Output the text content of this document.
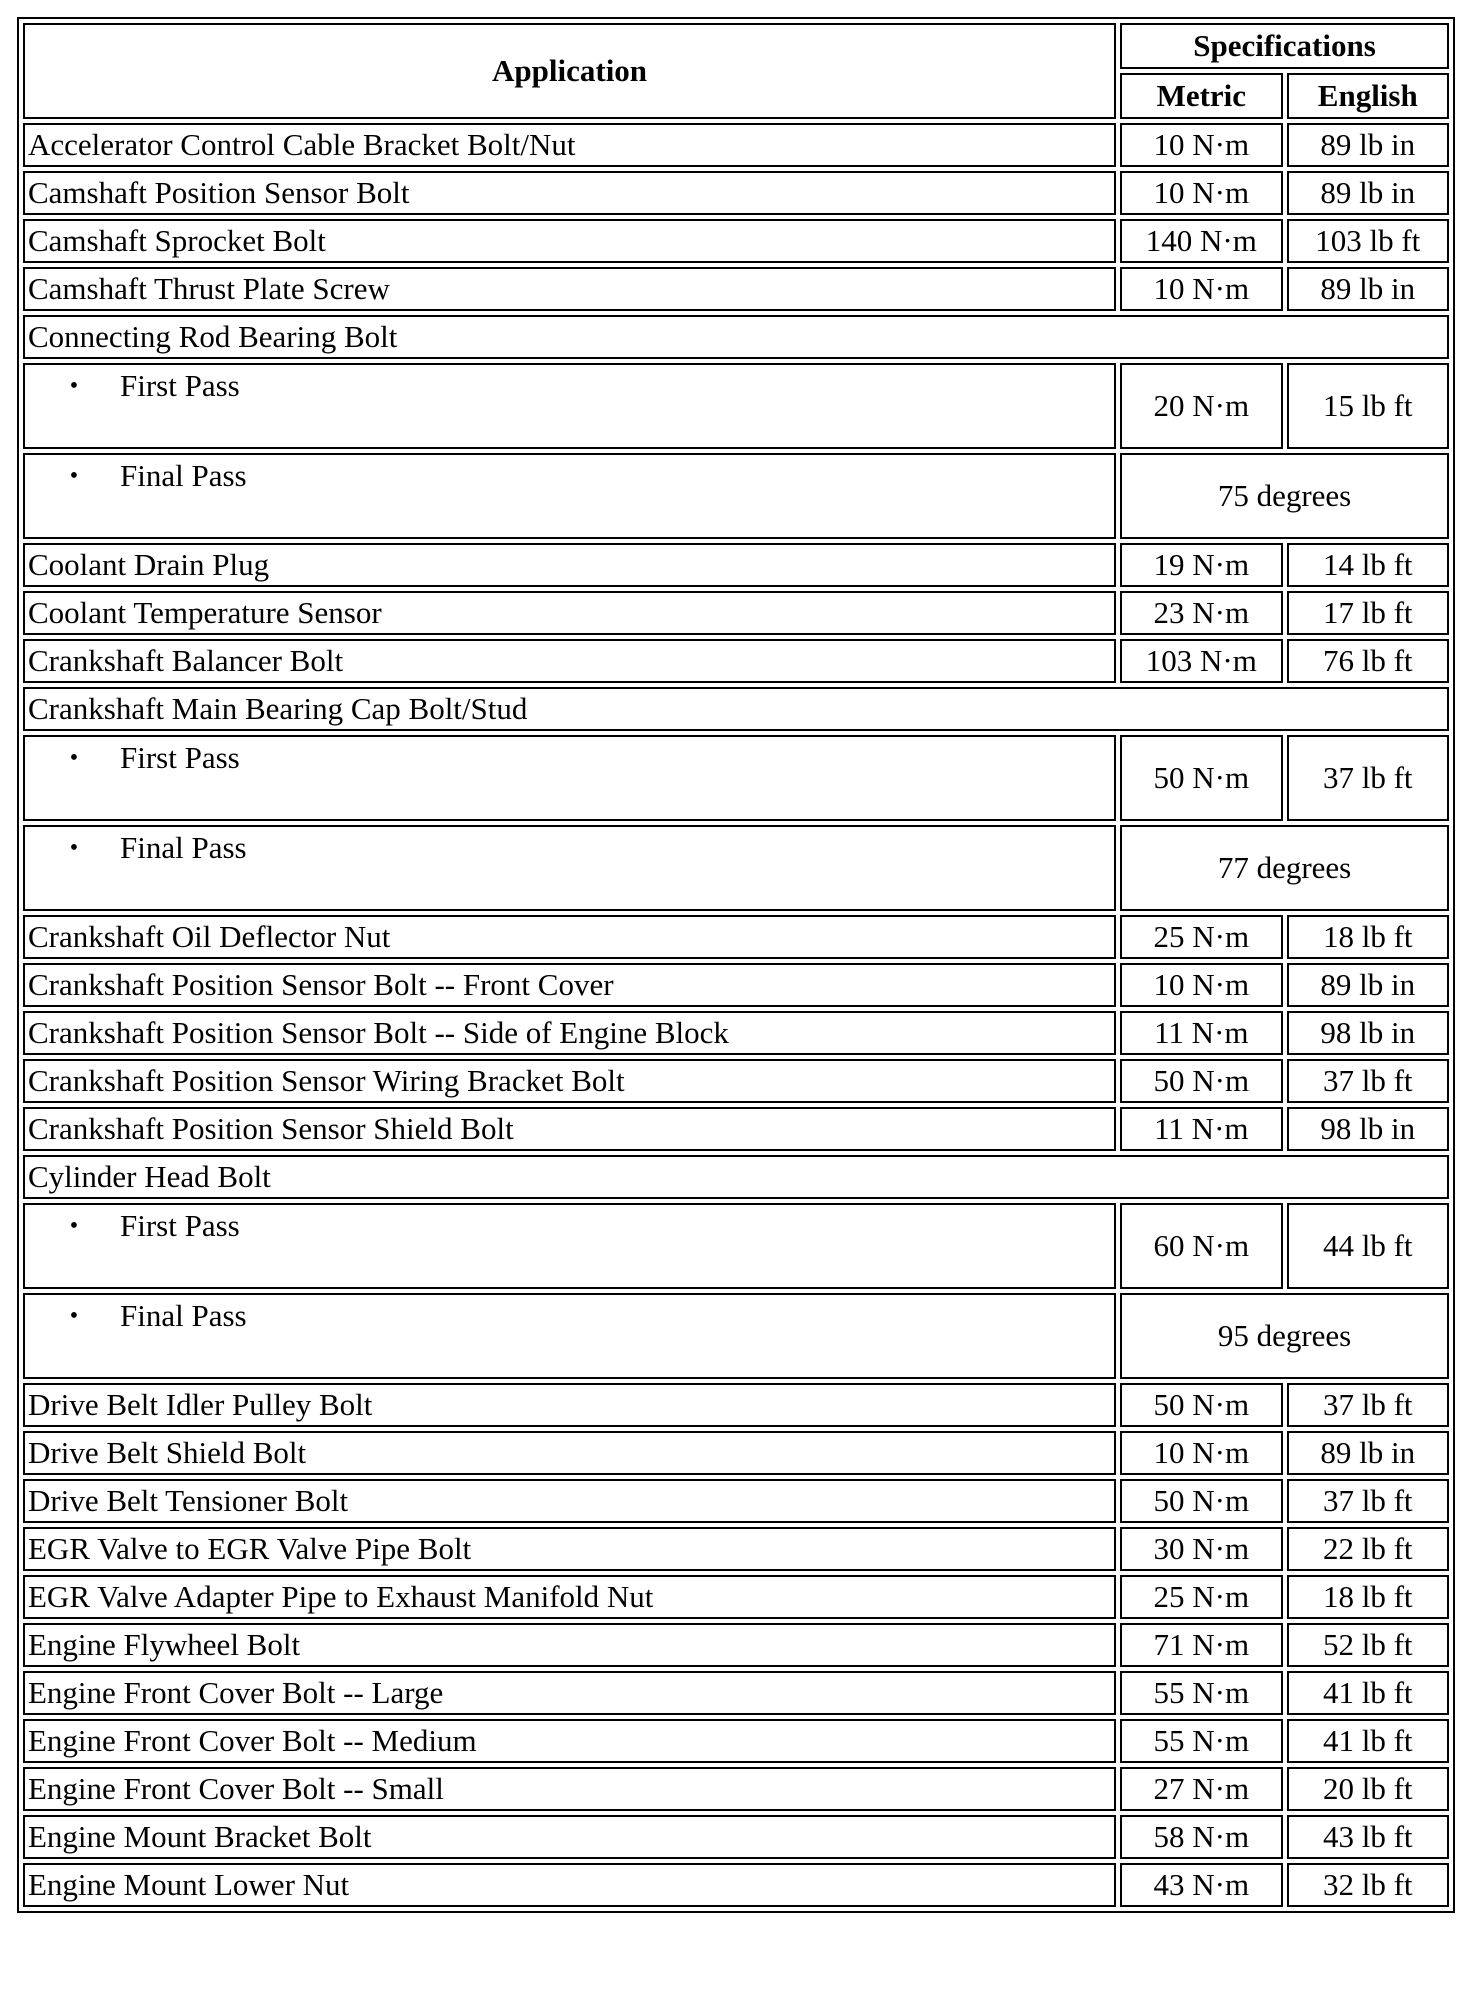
Application	Specifications	
	Metric	English
Accelerator Control Cable Bracket Bolt/Nut	10 N·m	89 lb in
Camshaft Position Sensor Bolt	10 N·m	89 lb in
Camshaft Sprocket Bolt	140 N·m	103 lb ft
Camshaft Thrust Plate Screw	10 N·m	89 lb in
Connecting Rod Bearing Bolt		
• First Pass	20 N·m	15 lb ft
• Final Pass	75 degrees	
Coolant Drain Plug	19 N·m	14 lb ft
Coolant Temperature Sensor	23 N·m	17 lb ft
Crankshaft Balancer Bolt	103 N·m	76 lb ft
Crankshaft Main Bearing Cap Bolt/Stud		
• First Pass	50 N·m	37 lb ft
• Final Pass	77 degrees	
Crankshaft Oil Deflector Nut	25 N·m	18 lb ft
Crankshaft Position Sensor Bolt -- Front Cover	10 N·m	89 lb in
Crankshaft Position Sensor Bolt -- Side of Engine Block	11 N·m	98 lb in
Crankshaft Position Sensor Wiring Bracket Bolt	50 N·m	37 lb ft
Crankshaft Position Sensor Shield Bolt	11 N·m	98 lb in
Cylinder Head Bolt		
• First Pass	60 N·m	44 lb ft
• Final Pass	95 degrees	
Drive Belt Idler Pulley Bolt	50 N·m	37 lb ft
Drive Belt Shield Bolt	10 N·m	89 lb in
Drive Belt Tensioner Bolt	50 N·m	37 lb ft
EGR Valve to EGR Valve Pipe Bolt	30 N·m	22 lb ft
EGR Valve Adapter Pipe to Exhaust Manifold Nut	25 N·m	18 lb ft
Engine Flywheel Bolt	71 N·m	52 lb ft
Engine Front Cover Bolt -- Large	55 N·m	41 lb ft
Engine Front Cover Bolt -- Medium	55 N·m	41 lb ft
Engine Front Cover Bolt -- Small	27 N·m	20 lb ft
Engine Mount Bracket Bolt	58 N·m	43 lb ft
Engine Mount Lower Nut	43 N·m	32 lb ft
